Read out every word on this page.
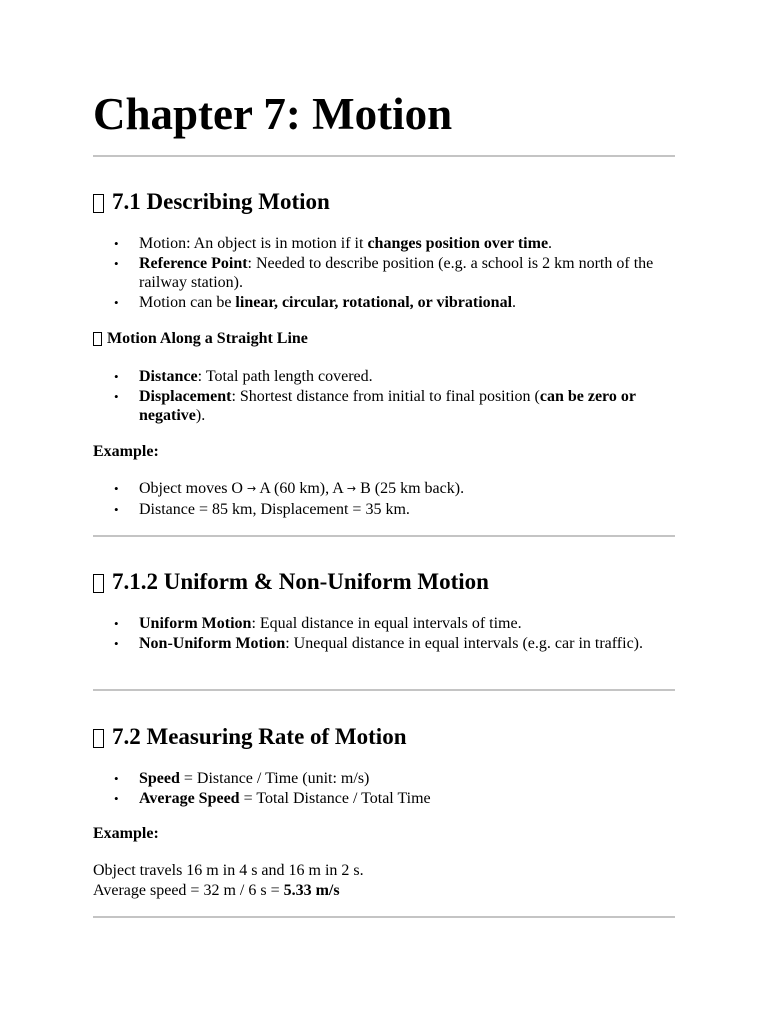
Chapter 7: Motion
7.1 Describing Motion
• Motion: An object is in motion if it changes position over time.
• Reference Point: Needed to describe position (e.g. a school is 2 km north of the railway station).
• Motion can be linear, circular, rotational, or vibrational.
Motion Along a Straight Line
• Distance: Total path length covered.
• Displacement: Shortest distance from initial to final position (can be zero or negative).
Example:
• Object moves O → A (60 km), A → B (25 km back).
• Distance = 85 km, Displacement = 35 km.
7.1.2 Uniform & Non-Uniform Motion
• Uniform Motion: Equal distance in equal intervals of time.
• Non-Uniform Motion: Unequal distance in equal intervals (e.g. car in traffic).
7.2 Measuring Rate of Motion
• Speed = Distance / Time (unit: m/s)
• Average Speed = Total Distance / Total Time
Example:
Object travels 16 m in 4 s and 16 m in 2 s.
Average speed = 32 m / 6 s = 5.33 m/s
